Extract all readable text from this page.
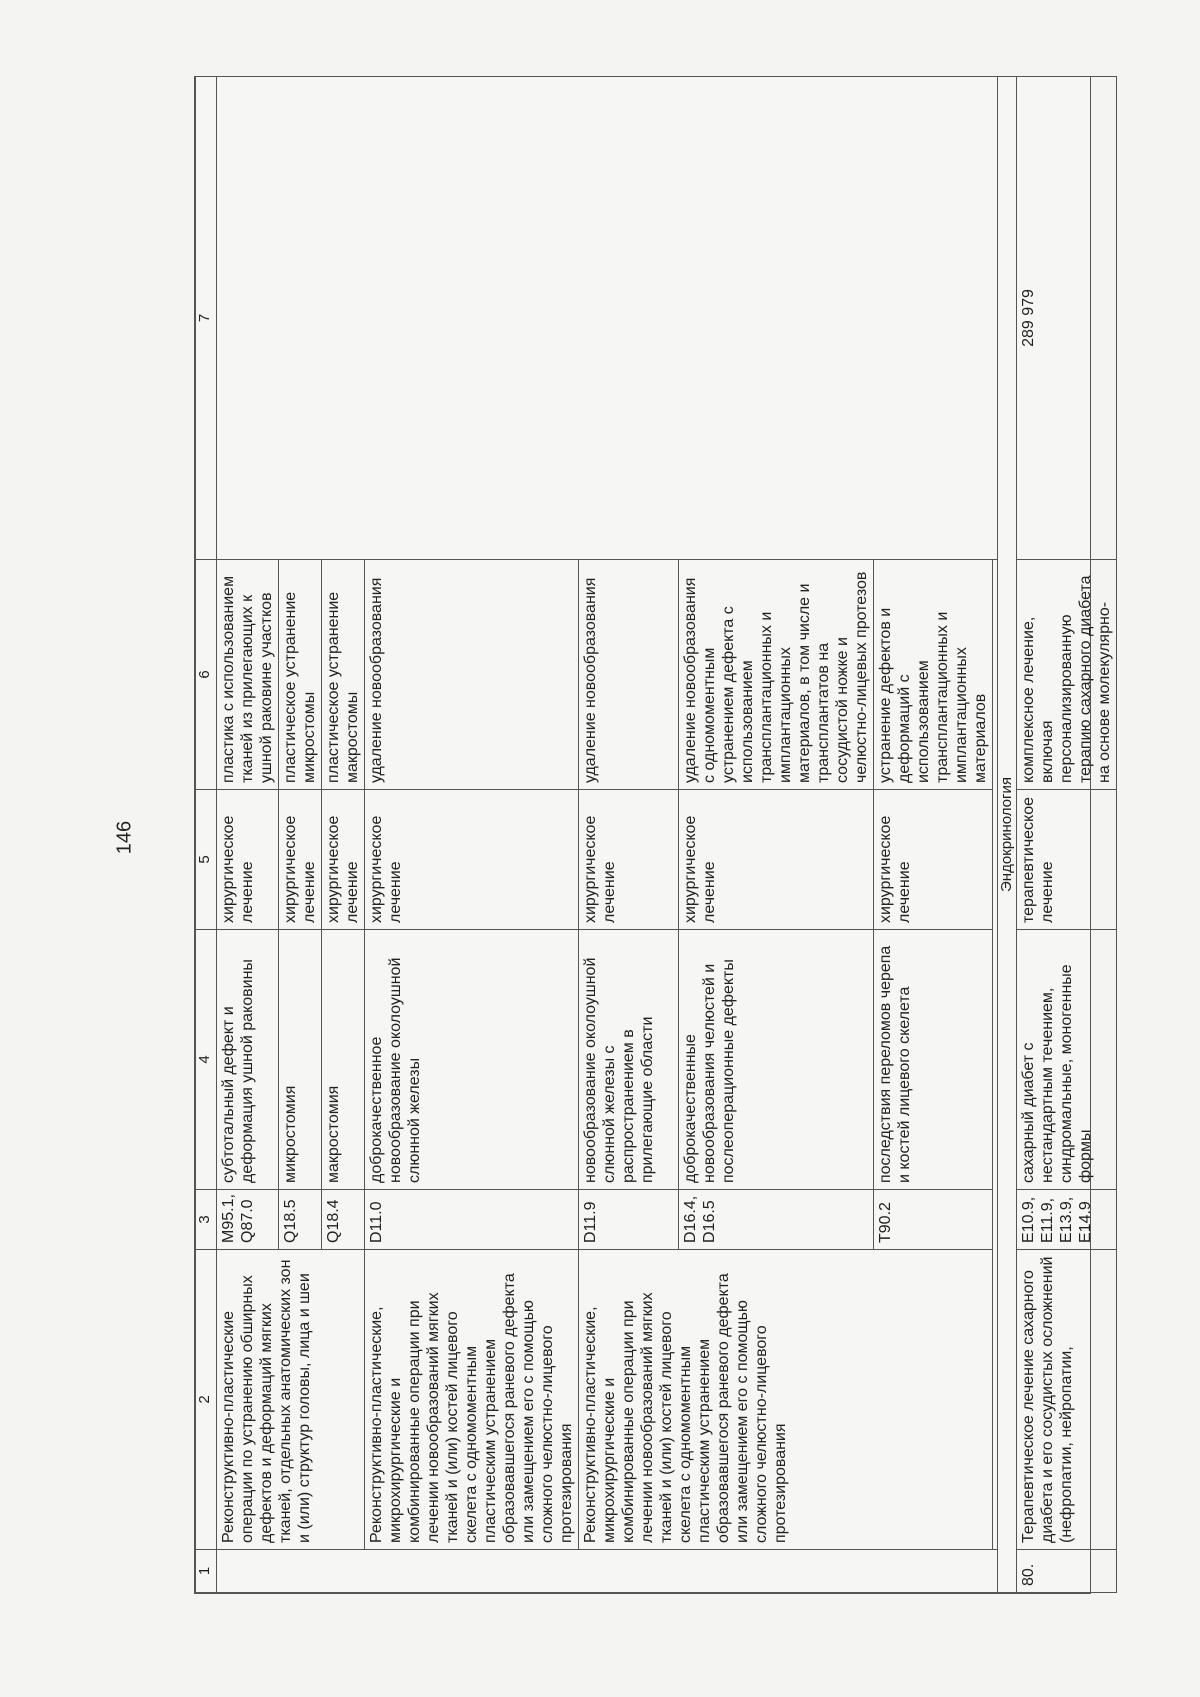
146
1	2	3	4	5	6	7
	Реконструктивно-пластические операции по устранению обширных дефектов и деформаций мягких тканей, отдельных анатомических зон и (или) структур головы, лица и шеи	M95.1, Q87.0	субтотальный дефект и деформация ушной раковины	хирургическое лечение	пластика с использованием тканей из прилегающих к ушной раковине участков	
		Q18.5	микростомия	хирургическое лечение	пластическое устранение микростомы	
		Q18.4	макростомия	хирургическое лечение	пластическое устранение макростомы	
	Реконструктивно-пластические, микрохирургические и комбинированные операции при лечении новообразований мягких тканей и (или) костей лицевого скелета с одномоментным пластическим устранением образовавшегося раневого дефекта или замещением его с помощью сложного челюстно-лицевого протезирования	D11.0	доброкачественное новообразование околоушной слюнной железы	хирургическое лечение	удаление новообразования	
	Реконструктивно-пластические, микрохирургические и комбинированные операции при лечении новообразований мягких тканей и (или) костей лицевого скелета с одномоментным пластическим устранением образовавшегося раневого дефекта или замещением его с помощью сложного челюстно-лицевого протезирования	D11.9	новообразование околоушной слюнной железы с распространением в прилегающие области	хирургическое лечение	удаление новообразования	
		D16.4, D16.5	доброкачественные новообразования челюстей и послеоперационные дефекты	хирургическое лечение	удаление новообразования с одномоментным устранением дефекта с использованием трансплантационных и имплантационных материалов, в том числе и трансплантатов на сосудистой ножке и челюстно-лицевых протезов	
		T90.2	последствия переломов черепа и костей лицевого скелета	хирургическое лечение	устранение дефектов и деформаций с использованием трансплантационных и имплантационных материалов	

Эндокринология						
80.	Терапевтическое лечение сахарного диабета и его сосудистых осложнений (нефропатии, нейропатии,	E10.9, E11.9, E13.9, E14.9	сахарный диабет с нестандартным течением, синдромальные, моногенные формы	терапевтическое лечение	комплексное лечение, включая персонализированную терапию сахарного диабета на основе молекулярно-	289 979
